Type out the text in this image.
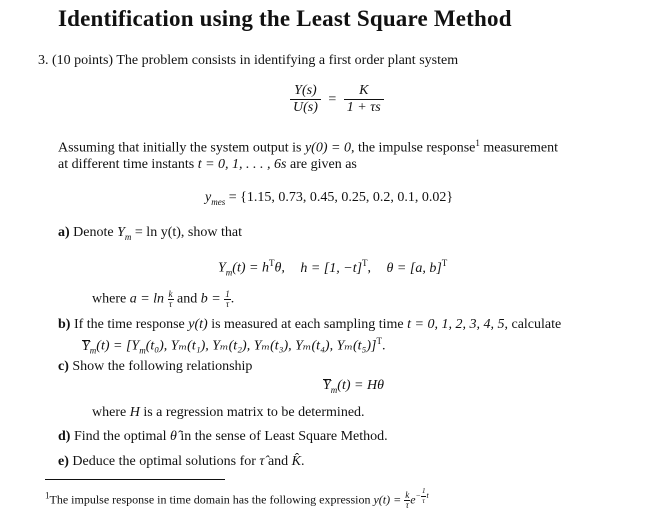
Identification using the Least Square Method
3. (10 points) The problem consists in identifying a first order plant system
$\frac{Y(s)}{U(s)} = \frac{K}{1 + \tau s}$
Assuming that initially the system output is y(0) = 0, the impulse response$^1$ measurement
at different time instants t = 0, 1, . . . , 6s are given as
$y_{mes} = \{1.15$, 0.73, 0.45, 0.25, 0.2, 0.1, 0.02}
a) Denote $Y_m = \ln y(t)$, show that
$Y_m(t) = h^T\theta$, h = [1, −t]$^T$, θ = [a, b]$^T$
where $a = \ln \frac{k}{\tau}$ and $b = \frac{1}{\tau}$ .
b) If the time response y(t) is measured at each sampling time t = 0, 1, 2, 3, 4, 5, calculate
$Y_m(t) = [Y_m(t_0)$, Yₘ(t₁), Yₘ(t₂), Yₘ(t₃), Yₘ(t₄), Yₘ(t₅)]$^T$.
c) Show the following relationship
$Y_m(t) = H\theta$
where H is a regression matrix to be determined.
d) Find the optimal θ̂ in the sense of Least Square Method.
e) Deduce the optimal solutions for τ̂ and K̂.
$^1$The impulse response in time domain has the following expression $y(t) = \frac{k}{\tau} e^{- \frac{1}{\tau} t}$
